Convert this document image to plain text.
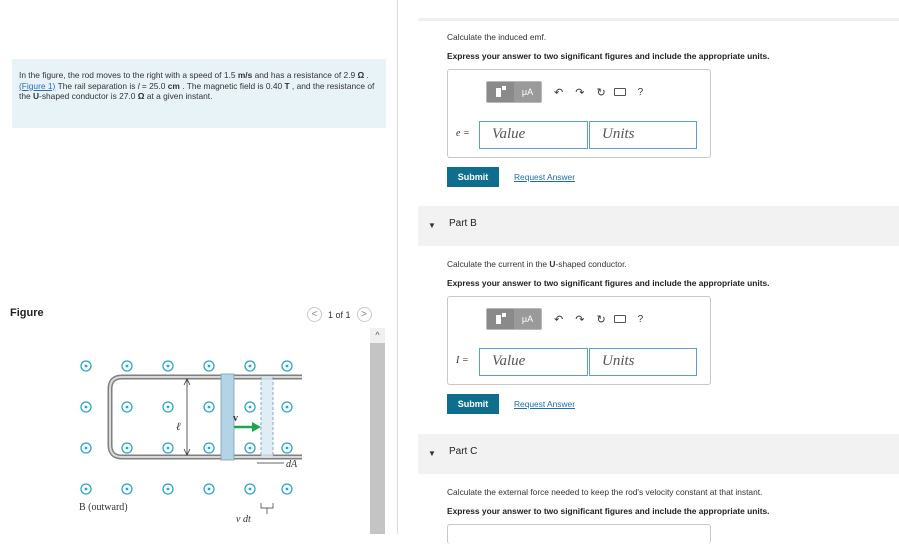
In the figure, the rod moves to the right with a speed of 1.5 m/s and has a resistance of 2.9 Ω .(Figure 1) The rail separation is l = 25.0 cm . The magnetic field is 0.40 T , and the resistance of the U-shaped conductor is 27.0 Ω at a given instant.
Figure	<	1 of 1	>
^
ℓ
v
dA
v dt
B (outward)
Calculate the induced emf.
Express your answer to two significant figures and include the appropriate units.
μA	↶ ↷ ↻	?
e =	Value	Units
Submit	Request Answer
▼ Part B
Calculate the current in the U-shaped conductor.
Express your answer to two significant figures and include the appropriate units.
μA	↶ ↷ ↻	?
I =	Value	Units
Submit	Request Answer
▼ Part C
Calculate the external force needed to keep the rod's velocity constant at that instant.
Express your answer to two significant figures and include the appropriate units.
